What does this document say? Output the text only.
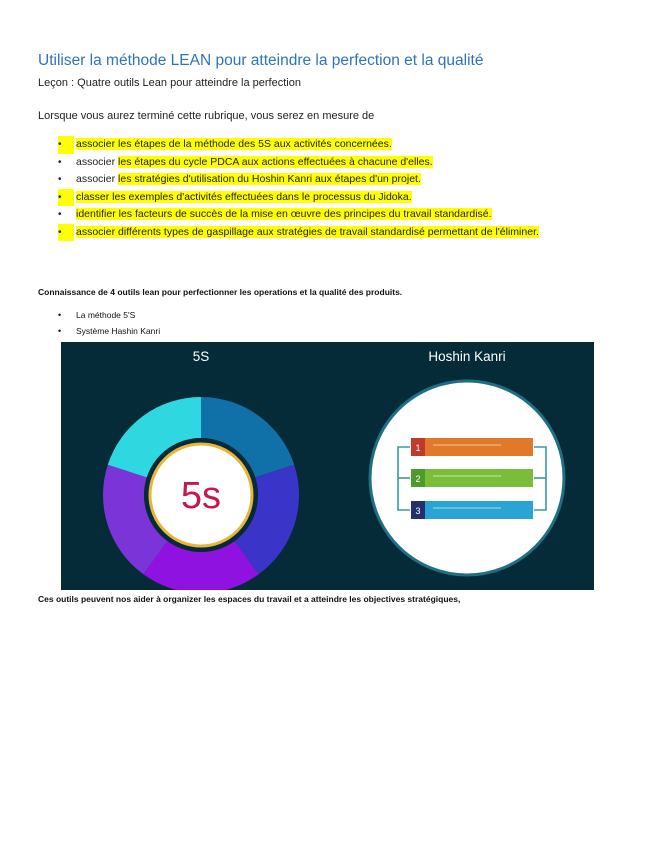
Utiliser la méthode LEAN pour atteindre la perfection et la qualité

Leçon : Quatre outils Lean pour atteindre la perfection

Lorsque vous aurez terminé cette rubrique, vous serez en mesure de

•	associer les étapes de la méthode des 5S aux activités concernées.
• associer les étapes du cycle PDCA aux actions effectuées à chacune d'elles.
• associer les stratégies d'utilisation du Hoshin Kanri aux étapes d'un projet.
•	classer les exemples d'activités effectuées dans le processus du Jidoka.
• identifier les facteurs de succès de la mise en œuvre des principes du travail standardisé.
•	associer différents types de gaspillage aux stratégies de travail standardisé permettant de l'éliminer.

Connaissance de 4 outils lean pour perfectionner les operations et la qualité des produits.

• La méthode 5'S
• Système Hashin Kanri
5S	Hoshin Kanri
5s
1
2
3

Ces outils peuvent nos aider à organizer les espaces du travail et a atteindre les objectives stratégiques,
